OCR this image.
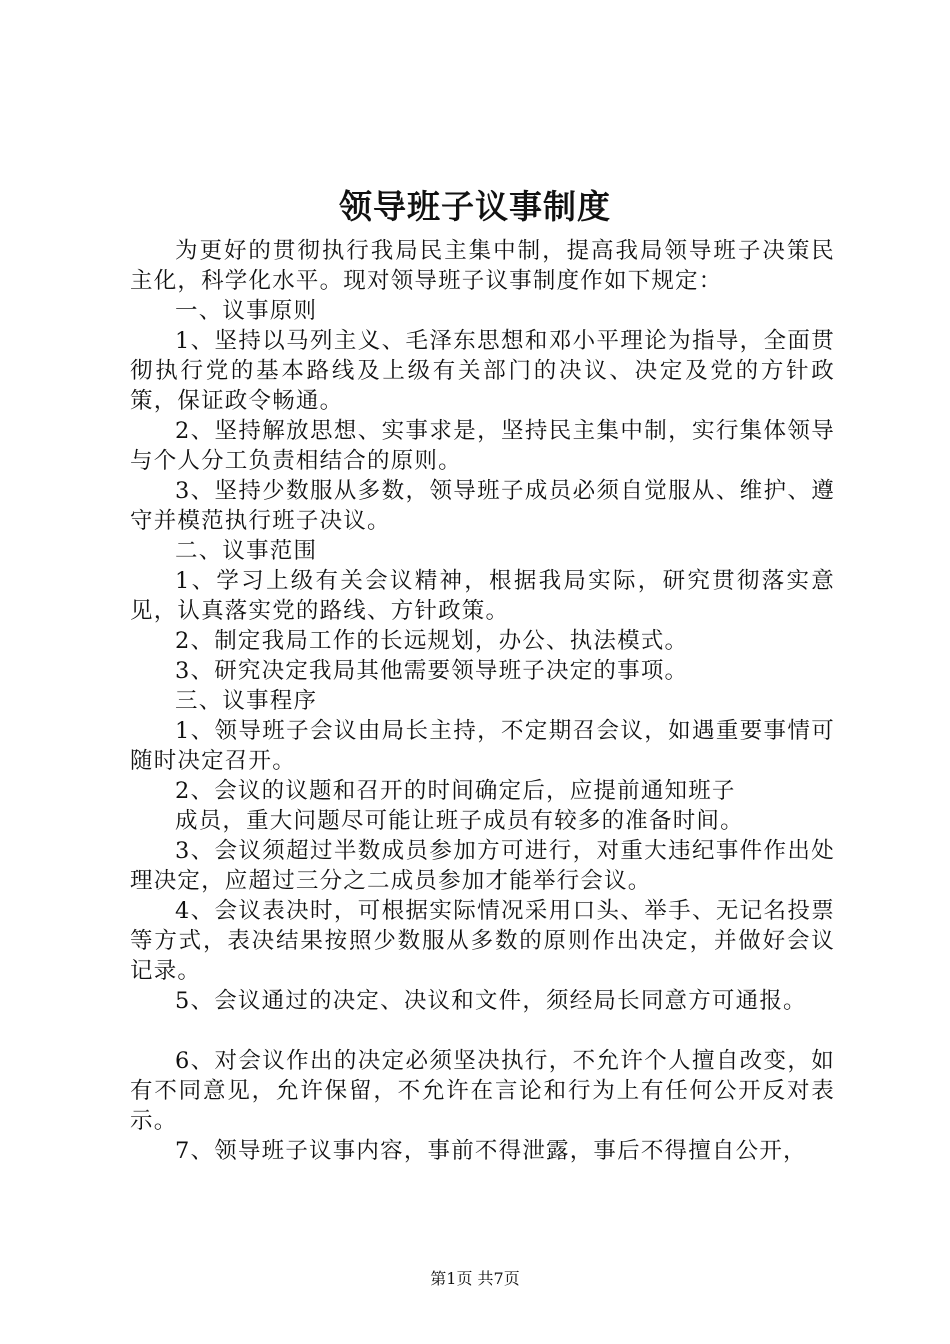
领导班子议事制度

为更好的贯彻执行我局民主集中制，提高我局领导班子决策民主化，科学化水平。现对领导班子议事制度作如下规定：

一、议事原则

1、坚持以马列主义、毛泽东思想和邓小平理论为指导，全面贯彻执行党的基本路线及上级有关部门的决议、决定及党的方针政策，保证政令畅通。

2、坚持解放思想、实事求是，坚持民主集中制，实行集体领导与个人分工负责相结合的原则。

3、坚持少数服从多数，领导班子成员必须自觉服从、维护、遵守并模范执行班子决议。

二、议事范围

1、学习上级有关会议精神，根据我局实际，研究贯彻落实意见，认真落实党的路线、方针政策。

2、制定我局工作的长远规划，办公、执法模式。

3、研究决定我局其他需要领导班子决定的事项。

三、议事程序

1、领导班子会议由局长主持，不定期召会议，如遇重要事情可随时决定召开。

2、会议的议题和召开的时间确定后，应提前通知班子

成员，重大问题尽可能让班子成员有较多的准备时间。

3、会议须超过半数成员参加方可进行，对重大违纪事件作出处理决定，应超过三分之二成员参加才能举行会议。

4、会议表决时，可根据实际情况采用口头、举手、无记名投票等方式，表决结果按照少数服从多数的原则作出决定，并做好会议记录。

5、会议通过的决定、决议和文件，须经局长同意方可通报。

6、对会议作出的决定必须坚决执行，不允许个人擅自改变，如有不同意见，允许保留，不允许在言论和行为上有任何公开反对表示。

7、领导班子议事内容，事前不得泄露，事后不得擅自公开，

第1页 共7页
